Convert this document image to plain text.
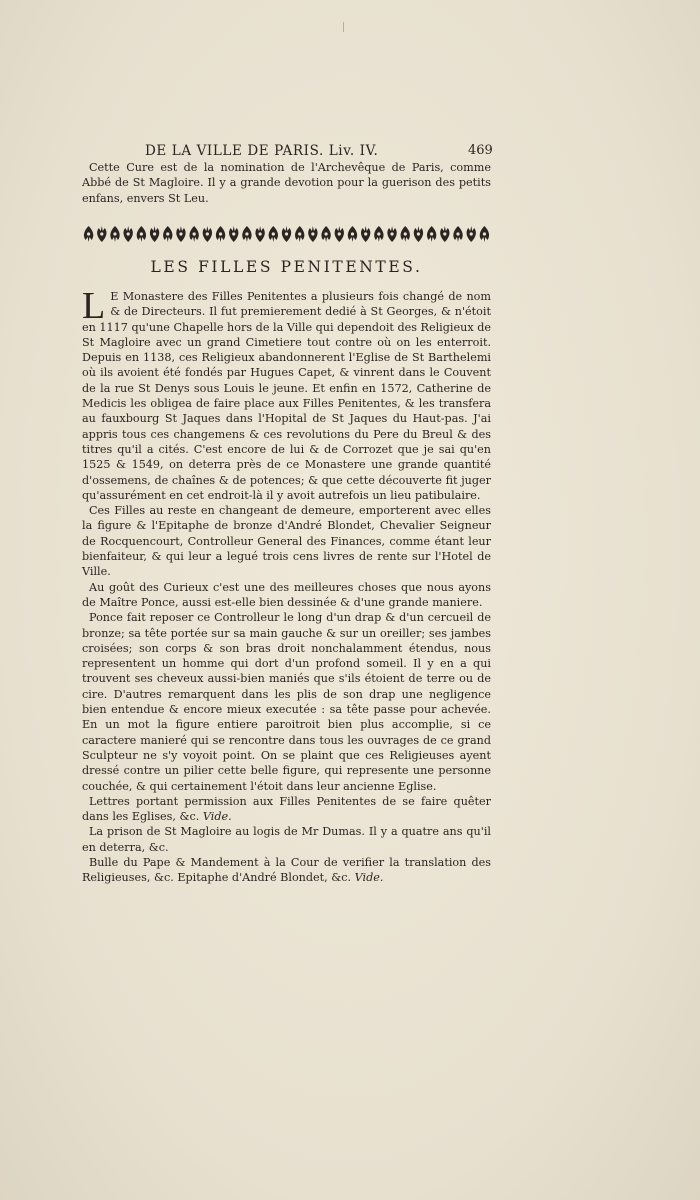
DE LA VILLE DE PARIS. Liv. IV.	469

Cette Cure est de la nomination de l'Archevêque de Paris, comme Abbé de St Magloire. Il y a grande devotion pour la guerison des petits enfans, envers St Leu.

LES FILLES PENITENTES.

L E Monastere des Filles Penitentes a plusieurs fois changé de nom & de Directeurs. Il fut premierement dedié à St Georges, & n'étoit en 1117 qu'une Chapelle hors de la Ville qui dependoit des Religieux de St Magloire avec un grand Cimetiere tout contre où on les enterroit. Depuis en 1138, ces Religieux abandonnerent l'Eglise de St Barthelemi où ils avoient été fondés par Hugues Capet, & vinrent dans le Couvent de la rue St Denys sous Louis le jeune. Et enfin en 1572, Catherine de Medicis les obligea de faire place aux Filles Penitentes, & les transfera au fauxbourg St Jaques dans l'Hopital de St Jaques du Haut-pas. J'ai appris tous ces changemens & ces revolutions du Pere du Breul & des titres qu'il a cités. C'est encore de lui & de Corrozet que je sai qu'en 1525 & 1549, on deterra près de ce Monastere une grande quantité d'ossemens, de chaînes & de potences; & que cette découverte fit juger qu'assurément en cet endroit-là il y avoit autrefois un lieu patibulaire.

Ces Filles au reste en changeant de demeure, emporterent avec elles la figure & l'Epitaphe de bronze d'André Blondet, Chevalier Seigneur de Rocquencourt, Controlleur General des Finances, comme étant leur bienfaiteur, & qui leur a legué trois cens livres de rente sur l'Hotel de Ville.

Au goût des Curieux c'est une des meilleures choses que nous ayons de Maître Ponce, aussi est-elle bien dessinée & d'une grande maniere.

Ponce fait reposer ce Controlleur le long d'un drap & d'un cercueil de bronze; sa tête portée sur sa main gauche & sur un oreiller; ses jambes croisées; son corps & son bras droit nonchalamment étendus, nous representent un homme qui dort d'un profond someil. Il y en a qui trouvent ses cheveux aussi-bien maniés que s'ils étoient de terre ou de cire. D'autres remarquent dans les plis de son drap une negligence bien entendue & encore mieux executée : sa tête passe pour achevée. En un mot la figure entiere paroitroit bien plus accomplie, si ce caractere manieré qui se rencontre dans tous les ouvrages de ce grand Sculpteur ne s'y voyoit point. On se plaint que ces Religieuses ayent dressé contre un pilier cette belle figure, qui represente une personne couchée, & qui certainement l'étoit dans leur ancienne Eglise.

Lettres portant permission aux Filles Penitentes de se faire quêter dans les Eglises, &c. Vide.

La prison de St Magloire au logis de Mr Dumas. Il y a quatre ans qu'il en deterra, &c.

Bulle du Pape & Mandement à la Cour de verifier la translation des Religieuses, &c. Epitaphe d'André Blondet, &c. Vide.
